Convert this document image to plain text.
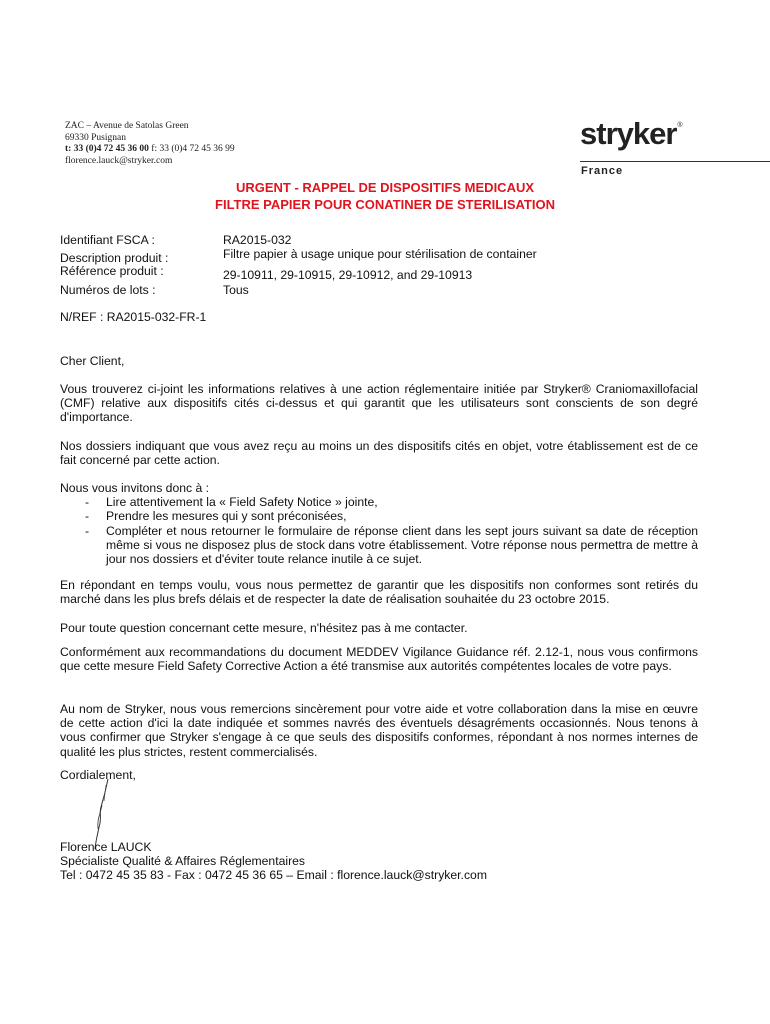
ZAC – Avenue de Satolas Green
69330 Pusignan
t: 33 (0)4 72 45 36 00 f: 33 (0)4 72 45 36 99
florence.lauck@stryker.com
stryker®
France
URGENT - RAPPEL DE DISPOSITIFS MEDICAUX
FILTRE PAPIER POUR CONATINER DE STERILISATION
Identifiant FSCA :	RA2015-032
Description produit :	Filtre papier à usage unique pour stérilisation de container
Référence produit :	29-10911, 29-10915, 29-10912, and 29-10913
Numéros de lots :	Tous
N/REF : RA2015-032-FR-1
Cher Client,
Vous trouverez ci-joint les informations relatives à une action réglementaire initiée par Stryker® Craniomaxillofacial (CMF) relative aux dispositifs cités ci-dessus et qui garantit que les utilisateurs sont conscients de son degré d'importance.
Nos dossiers indiquant que vous avez reçu au moins un des dispositifs cités en objet, votre établissement est de ce fait concerné par cette action.
Nous vous invitons donc à :
- Lire attentivement la « Field Safety Notice » jointe,
- Prendre les mesures qui y sont préconisées,
- Compléter et nous retourner le formulaire de réponse client dans les sept jours suivant sa date de réception même si vous ne disposez plus de stock dans votre établissement. Votre réponse nous permettra de mettre à jour nos dossiers et d'éviter toute relance inutile à ce sujet.
En répondant en temps voulu, vous nous permettez de garantir que les dispositifs non conformes sont retirés du marché dans les plus brefs délais et de respecter la date de réalisation souhaitée du 23 octobre 2015.
Pour toute question concernant cette mesure, n'hésitez pas à me contacter.
Conformément aux recommandations du document MEDDEV Vigilance Guidance réf. 2.12-1, nous vous confirmons que cette mesure Field Safety Corrective Action a été transmise aux autorités compétentes locales de votre pays.
Au nom de Stryker, nous vous remercions sincèrement pour votre aide et votre collaboration dans la mise en œuvre de cette action d'ici la date indiquée et sommes navrés des éventuels désagréments occasionnés. Nous tenons à vous confirmer que Stryker s'engage à ce que seuls des dispositifs conformes, répondant à nos normes internes de qualité les plus strictes, restent commercialisés.
Cordialement,
Florence LAUCK
Spécialiste Qualité & Affaires Réglementaires
Tel : 0472 45 35 83 - Fax : 0472 45 36 65 – Email : florence.lauck@stryker.com
